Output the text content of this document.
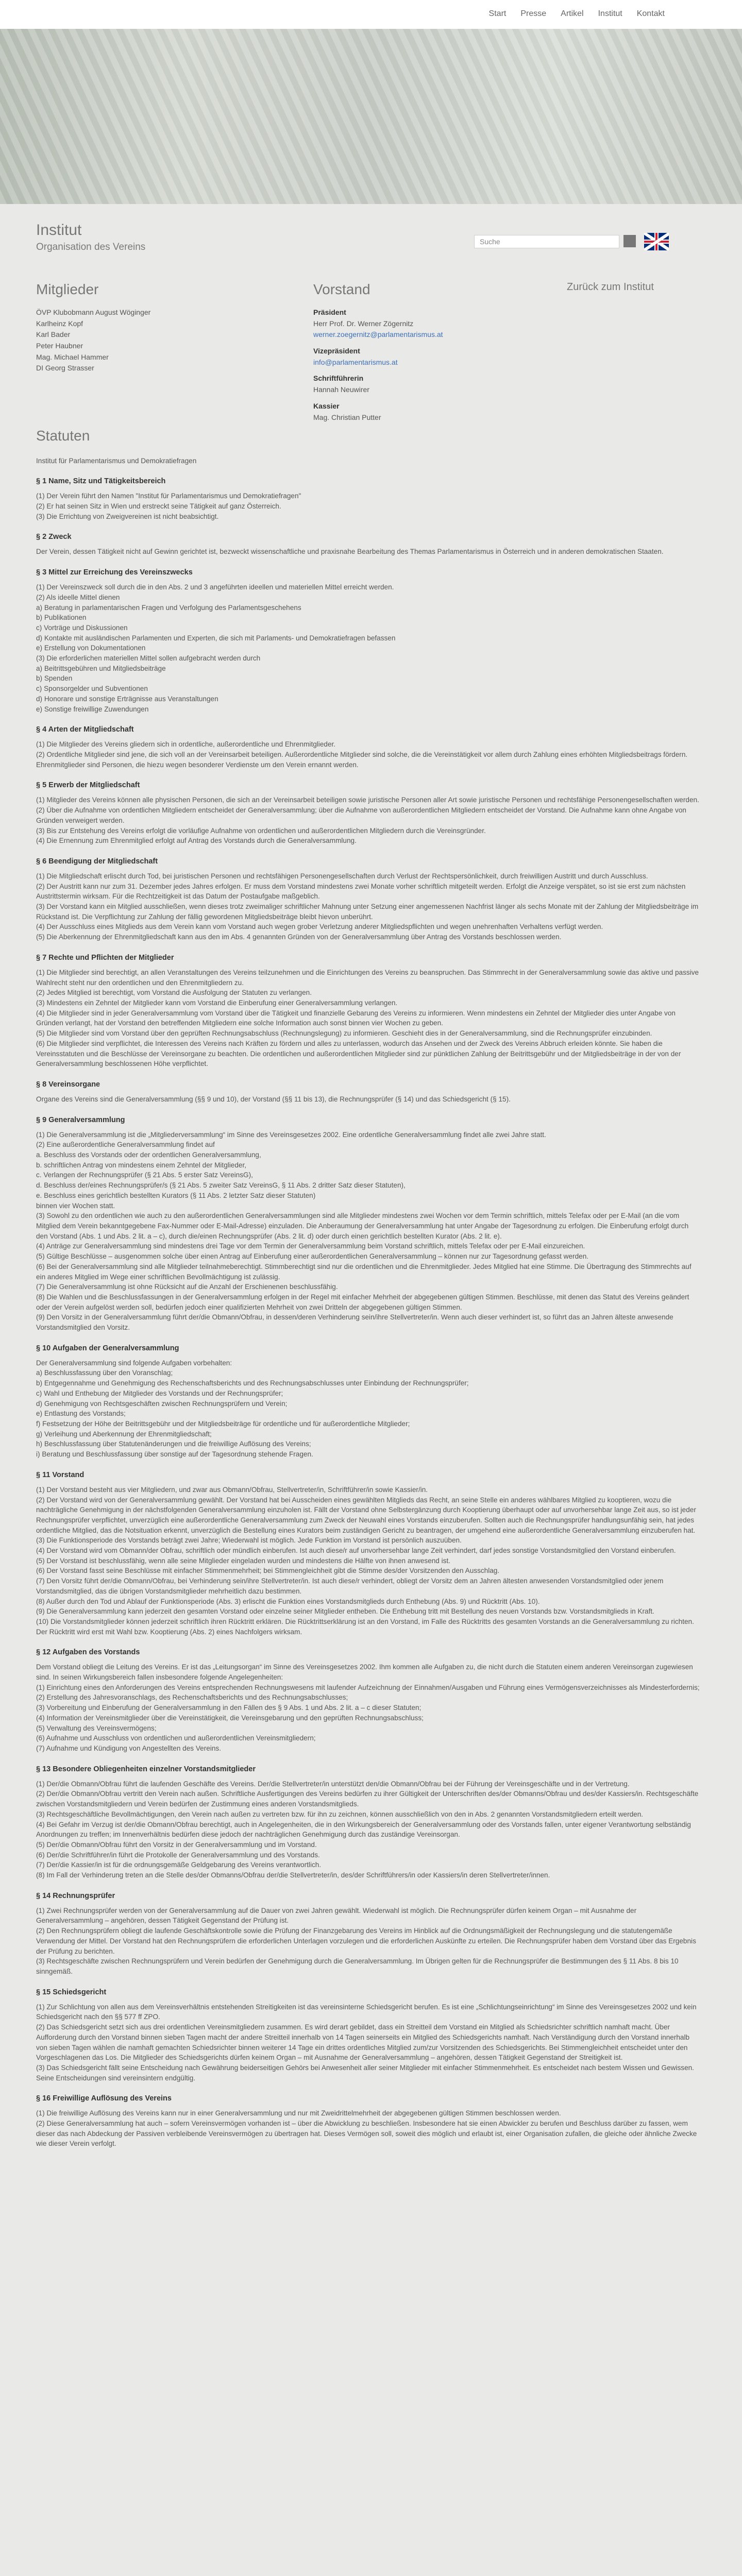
Start Presse Artikel Institut Kontakt
Institut
Organisation des Vereins	Suche
Mitglieder
ÖVP Klubobmann August Wöginger
Karlheinz Kopf
Karl Bader
Peter Haubner
Mag. Michael Hammer
DI Georg Strasser
Vorstand
Präsident
Herr Prof. Dr. Werner Zögernitz
werner.zoegernitz@parlamentarismus.at
Vizepräsident
info@parlamentarismus.at
Schriftführerin
Hannah Neuwirer
Kassier
Mag. Christian Putter
Zurück zum Institut
Statuten

Institut für Parlamentarismus und Demokratiefragen

§ 1 Name, Sitz und Tätigkeitsbereich

(1) Der Verein führt den Namen "Institut für Parlamentarismus und Demokratiefragen"
(2) Er hat seinen Sitz in Wien und erstreckt seine Tätigkeit auf ganz Österreich.
(3) Die Errichtung von Zweigvereinen ist nicht beabsichtigt.

§ 2 Zweck

Der Verein, dessen Tätigkeit nicht auf Gewinn gerichtet ist, bezweckt wissenschaftliche und praxisnahe Bearbeitung des Themas Parlamentarismus in Österreich und in anderen demokratischen Staaten.

§ 3 Mittel zur Erreichung des Vereinszwecks

(1) Der Vereinszweck soll durch die in den Abs. 2 und 3 angeführten ideellen und materiellen Mittel erreicht werden.
(2) Als ideelle Mittel dienen
a) Beratung in parlamentarischen Fragen und Verfolgung des Parlamentsgeschehens
b) Publikationen
c) Vorträge und Diskussionen
d) Kontakte mit ausländischen Parlamenten und Experten, die sich mit Parlaments- und Demokratiefragen befassen
e) Erstellung von Dokumentationen
(3) Die erforderlichen materiellen Mittel sollen aufgebracht werden durch
a) Beitrittsgebühren und Mitgliedsbeiträge
b) Spenden
c) Sponsorgelder und Subventionen
d) Honorare und sonstige Erträgnisse aus Veranstaltungen
e) Sonstige freiwillige Zuwendungen

§ 4 Arten der Mitgliedschaft

(1) Die Mitglieder des Vereins gliedern sich in ordentliche, außerordentliche und Ehrenmitglieder.
(2) Ordentliche Mitglieder sind jene, die sich voll an der Vereinsarbeit beteiligen. Außerordentliche Mitglieder sind solche, die die Vereinstätigkeit vor allem durch Zahlung eines erhöhten Mitgliedsbeitrags fördern. Ehrenmitglieder sind Personen, die hiezu wegen besonderer Verdienste um den Verein ernannt werden.

§ 5 Erwerb der Mitgliedschaft

(1) Mitglieder des Vereins können alle physischen Personen, die sich an der Vereinsarbeit beteiligen sowie juristische Personen aller Art sowie juristische Personen und rechtsfähige Personengesellschaften werden.
(2) Über die Aufnahme von ordentlichen Mitgliedern entscheidet der Generalversammlung; über die Aufnahme von außerordentlichen Mitgliedern entscheidet der Vorstand. Die Aufnahme kann ohne Angabe von Gründen verweigert werden.
(3) Bis zur Entstehung des Vereins erfolgt die vorläufige Aufnahme von ordentlichen und außerordentlichen Mitgliedern durch die Vereinsgründer.
(4) Die Ernennung zum Ehrenmitglied erfolgt auf Antrag des Vorstands durch die Generalversammlung.

§ 6 Beendigung der Mitgliedschaft

(1) Die Mitgliedschaft erlischt durch Tod, bei juristischen Personen und rechtsfähigen Personengesellschaften durch Verlust der Rechtspersönlichkeit, durch freiwilligen Austritt und durch Ausschluss.
(2) Der Austritt kann nur zum 31. Dezember jedes Jahres erfolgen. Er muss dem Vorstand mindestens zwei Monate vorher schriftlich mitgeteilt werden. Erfolgt die Anzeige verspätet, so ist sie erst zum nächsten Austrittstermin wirksam. Für die Rechtzeitigkeit ist das Datum der Postaufgabe maßgeblich.
(3) Der Vorstand kann ein Mitglied ausschließen, wenn dieses trotz zweimaliger schriftlicher Mahnung unter Setzung einer angemessenen Nachfrist länger als sechs Monate mit der Zahlung der Mitgliedsbeiträge im Rückstand ist. Die Verpflichtung zur Zahlung der fällig gewordenen Mitgliedsbeiträge bleibt hievon unberührt.
(4) Der Ausschluss eines Mitglieds aus dem Verein kann vom Vorstand auch wegen grober Verletzung anderer Mitgliedspflichten und wegen unehrenhaften Verhaltens verfügt werden.
(5) Die Aberkennung der Ehrenmitgliedschaft kann aus den im Abs. 4 genannten Gründen von der Generalversammlung über Antrag des Vorstands beschlossen werden.

§ 7 Rechte und Pflichten der Mitglieder

(1) Die Mitglieder sind berechtigt, an allen Veranstaltungen des Vereins teilzunehmen und die Einrichtungen des Vereins zu beanspruchen. Das Stimmrecht in der Generalversammlung sowie das aktive und passive Wahlrecht steht nur den ordentlichen und den Ehrenmitgliedern zu.
(2) Jedes Mitglied ist berechtigt, vom Vorstand die Ausfolgung der Statuten zu verlangen.
(3) Mindestens ein Zehntel der Mitglieder kann vom Vorstand die Einberufung einer Generalversammlung verlangen.
(4) Die Mitglieder sind in jeder Generalversammlung vom Vorstand über die Tätigkeit und finanzielle Gebarung des Vereins zu informieren. Wenn mindestens ein Zehntel der Mitglieder dies unter Angabe von Gründen verlangt, hat der Vorstand den betreffenden Mitgliedern eine solche Information auch sonst binnen vier Wochen zu geben.
(5) Die Mitglieder sind vom Vorstand über den geprüften Rechnungsabschluss (Rechnungslegung) zu informieren. Geschieht dies in der Generalversammlung, sind die Rechnungsprüfer einzubinden.
(6) Die Mitglieder sind verpflichtet, die Interessen des Vereins nach Kräften zu fördern und alles zu unterlassen, wodurch das Ansehen und der Zweck des Vereins Abbruch erleiden könnte. Sie haben die Vereinsstatuten und die Beschlüsse der Vereinsorgane zu beachten. Die ordentlichen und außerordentlichen Mitglieder sind zur pünktlichen Zahlung der Beitrittsgebühr und der Mitgliedsbeiträge in der von der Generalversammlung beschlossenen Höhe verpflichtet.

§ 8 Vereinsorgane

Organe des Vereins sind die Generalversammlung (§§ 9 und 10), der Vorstand (§§ 11 bis 13), die Rechnungsprüfer (§ 14) und das Schiedsgericht (§ 15).

§ 9 Generalversammlung

(1) Die Generalversammlung ist die „Mitgliederversammlung“ im Sinne des Vereinsgesetzes 2002. Eine ordentliche Generalversammlung findet alle zwei Jahre statt.
(2) Eine außerordentliche Generalversammlung findet auf
a. Beschluss des Vorstands oder der ordentlichen Generalversammlung,
b. schriftlichen Antrag von mindestens einem Zehntel der Mitglieder,
c. Verlangen der Rechnungsprüfer (§ 21 Abs. 5 erster Satz VereinsG),
d. Beschluss der/eines Rechnungsprüfer/s (§ 21 Abs. 5 zweiter Satz VereinsG, § 11 Abs. 2 dritter Satz dieser Statuten),
e. Beschluss eines gerichtlich bestellten Kurators (§ 11 Abs. 2 letzter Satz dieser Statuten)
binnen vier Wochen statt.
(3) Sowohl zu den ordentlichen wie auch zu den außerordentlichen Generalversammlungen sind alle Mitglieder mindestens zwei Wochen vor dem Termin schriftlich, mittels Telefax oder per E-Mail (an die vom Mitglied dem Verein bekanntgegebene Fax-Nummer oder E-Mail-Adresse) einzuladen. Die Anberaumung der Generalversammlung hat unter Angabe der Tagesordnung zu erfolgen. Die Einberufung erfolgt durch den Vorstand (Abs. 1 und Abs. 2 lit. a – c), durch die/einen Rechnungsprüfer (Abs. 2 lit. d) oder durch einen gerichtlich bestellten Kurator (Abs. 2 lit. e).
(4) Anträge zur Generalversammlung sind mindestens drei Tage vor dem Termin der Generalversammlung beim Vorstand schriftlich, mittels Telefax oder per E-Mail einzureichen.
(5) Gültige Beschlüsse – ausgenommen solche über einen Antrag auf Einberufung einer außerordentlichen Generalversammlung – können nur zur Tagesordnung gefasst werden.
(6) Bei der Generalversammlung sind alle Mitglieder teilnahmeberechtigt. Stimmberechtigt sind nur die ordentlichen und die Ehrenmitglieder. Jedes Mitglied hat eine Stimme. Die Übertragung des Stimmrechts auf ein anderes Mitglied im Wege einer schriftlichen Bevollmächtigung ist zulässig.
(7) Die Generalversammlung ist ohne Rücksicht auf die Anzahl der Erschienenen beschlussfähig.
(8) Die Wahlen und die Beschlussfassungen in der Generalversammlung erfolgen in der Regel mit einfacher Mehrheit der abgegebenen gültigen Stimmen. Beschlüsse, mit denen das Statut des Vereins geändert oder der Verein aufgelöst werden soll, bedürfen jedoch einer qualifizierten Mehrheit von zwei Dritteln der abgegebenen gültigen Stimmen.
(9) Den Vorsitz in der Generalversammlung führt der/die Obmann/Obfrau, in dessen/deren Verhinderung sein/ihre Stellvertreter/in. Wenn auch dieser verhindert ist, so führt das an Jahren älteste anwesende Vorstandsmitglied den Vorsitz.

§ 10 Aufgaben der Generalversammlung

Der Generalversammlung sind folgende Aufgaben vorbehalten:
a) Beschlussfassung über den Voranschlag;
b) Entgegennahme und Genehmigung des Rechenschaftsberichts und des Rechnungsabschlusses unter Einbindung der Rechnungsprüfer;
c) Wahl und Enthebung der Mitglieder des Vorstands und der Rechnungsprüfer;
d) Genehmigung von Rechtsgeschäften zwischen Rechnungsprüfern und Verein;
e) Entlastung des Vorstands;
f) Festsetzung der Höhe der Beitrittsgebühr und der Mitgliedsbeiträge für ordentliche und für außerordentliche Mitglieder;
g) Verleihung und Aberkennung der Ehrenmitgliedschaft;
h) Beschlussfassung über Statutenänderungen und die freiwillige Auflösung des Vereins;
i) Beratung und Beschlussfassung über sonstige auf der Tagesordnung stehende Fragen.

§ 11 Vorstand

(1) Der Vorstand besteht aus vier Mitgliedern, und zwar aus Obmann/Obfrau, Stellvertreter/in, Schriftführer/in sowie Kassier/in.
(2) Der Vorstand wird von der Generalversammlung gewählt. Der Vorstand hat bei Ausscheiden eines gewählten Mitglieds das Recht, an seine Stelle ein anderes wählbares Mitglied zu kooptieren, wozu die nachträgliche Genehmigung in der nächstfolgenden Generalversammlung einzuholen ist. Fällt der Vorstand ohne Selbstergänzung durch Kooptierung überhaupt oder auf unvorhersehbar lange Zeit aus, so ist jeder Rechnungsprüfer verpflichtet, unverzüglich eine außerordentliche Generalversammlung zum Zweck der Neuwahl eines Vorstands einzuberufen. Sollten auch die Rechnungsprüfer handlungsunfähig sein, hat jedes ordentliche Mitglied, das die Notsituation erkennt, unverzüglich die Bestellung eines Kurators beim zuständigen Gericht zu beantragen, der umgehend eine außerordentliche Generalversammlung einzuberufen hat.
(3) Die Funktionsperiode des Vorstands beträgt zwei Jahre; Wiederwahl ist möglich. Jede Funktion im Vorstand ist persönlich auszuüben.
(4) Der Vorstand wird vom Obmann/der Obfrau, schriftlich oder mündlich einberufen. Ist auch diese/r auf unvorhersehbar lange Zeit verhindert, darf jedes sonstige Vorstandsmitglied den Vorstand einberufen.
(5) Der Vorstand ist beschlussfähig, wenn alle seine Mitglieder eingeladen wurden und mindestens die Hälfte von ihnen anwesend ist.
(6) Der Vorstand fasst seine Beschlüsse mit einfacher Stimmenmehrheit; bei Stimmengleichheit gibt die Stimme des/der Vorsitzenden den Ausschlag.
(7) Den Vorsitz führt der/die Obmann/Obfrau, bei Verhinderung sein/ihre Stellvertreter/in. Ist auch diese/r verhindert, obliegt der Vorsitz dem an Jahren ältesten anwesenden Vorstandsmitglied oder jenem Vorstandsmitglied, das die übrigen Vorstandsmitglieder mehrheitlich dazu bestimmen.
(8) Außer durch den Tod und Ablauf der Funktionsperiode (Abs. 3) erlischt die Funktion eines Vorstandsmitglieds durch Enthebung (Abs. 9) und Rücktritt (Abs. 10).
(9) Die Generalversammlung kann jederzeit den gesamten Vorstand oder einzelne seiner Mitglieder entheben. Die Enthebung tritt mit Bestellung des neuen Vorstands bzw. Vorstandsmitglieds in Kraft.
(10) Die Vorstandsmitglieder können jederzeit schriftlich ihren Rücktritt erklären. Die Rücktrittserklärung ist an den Vorstand, im Falle des Rücktritts des gesamten Vorstands an die Generalversammlung zu richten. Der Rücktritt wird erst mit Wahl bzw. Kooptierung (Abs. 2) eines Nachfolgers wirksam.

§ 12 Aufgaben des Vorstands

Dem Vorstand obliegt die Leitung des Vereins. Er ist das „Leitungsorgan“ im Sinne des Vereinsgesetzes 2002. Ihm kommen alle Aufgaben zu, die nicht durch die Statuten einem anderen Vereinsorgan zugewiesen sind. In seinen Wirkungsbereich fallen insbesondere folgende Angelegenheiten:
(1) Einrichtung eines den Anforderungen des Vereins entsprechenden Rechnungswesens mit laufender Aufzeichnung der Einnahmen/Ausgaben und Führung eines Vermögensverzeichnisses als Mindesterfordernis;
(2) Erstellung des Jahresvoranschlags, des Rechenschaftsberichts und des Rechnungsabschlusses;
(3) Vorbereitung und Einberufung der Generalversammlung in den Fällen des § 9 Abs. 1 und Abs. 2 lit. a – c dieser Statuten;
(4) Information der Vereinsmitglieder über die Vereinstätigkeit, die Vereinsgebarung und den geprüften Rechnungsabschluss;
(5) Verwaltung des Vereinsvermögens;
(6) Aufnahme und Ausschluss von ordentlichen und außerordentlichen Vereinsmitgliedern;
(7) Aufnahme und Kündigung von Angestellten des Vereins.

§ 13 Besondere Obliegenheiten einzelner Vorstandsmitglieder

(1) Der/die Obmann/Obfrau führt die laufenden Geschäfte des Vereins. Der/die Stellvertreter/in unterstützt den/die Obmann/Obfrau bei der Führung der Vereinsgeschäfte und in der Vertretung.
(2) Der/die Obmann/Obfrau vertritt den Verein nach außen. Schriftliche Ausfertigungen des Vereins bedürfen zu ihrer Gültigkeit der Unterschriften des/der Obmanns/Obfrau und des/der Kassiers/in. Rechtsgeschäfte zwischen Vorstandsmitgliedern und Verein bedürfen der Zustimmung eines anderen Vorstandsmitglieds.
(3) Rechtsgeschäftliche Bevollmächtigungen, den Verein nach außen zu vertreten bzw. für ihn zu zeichnen, können ausschließlich von den in Abs. 2 genannten Vorstandsmitgliedern erteilt werden.
(4) Bei Gefahr im Verzug ist der/die Obmann/Obfrau berechtigt, auch in Angelegenheiten, die in den Wirkungsbereich der Generalversammlung oder des Vorstands fallen, unter eigener Verantwortung selbständig Anordnungen zu treffen; im Innenverhältnis bedürfen diese jedoch der nachträglichen Genehmigung durch das zuständige Vereinsorgan.
(5) Der/die Obmann/Obfrau führt den Vorsitz in der Generalversammlung und im Vorstand.
(6) Der/die Schriftführer/in führt die Protokolle der Generalversammlung und des Vorstands.
(7) Der/die Kassier/in ist für die ordnungsgemäße Geldgebarung des Vereins verantwortlich.
(8) Im Fall der Verhinderung treten an die Stelle des/der Obmanns/Obfrau der/die Stellvertreter/in, des/der Schriftführers/in oder Kassiers/in deren Stellvertreter/innen.

§ 14 Rechnungsprüfer

(1) Zwei Rechnungsprüfer werden von der Generalversammlung auf die Dauer von zwei Jahren gewählt. Wiederwahl ist möglich. Die Rechnungsprüfer dürfen keinem Organ – mit Ausnahme der Generalversammlung – angehören, dessen Tätigkeit Gegenstand der Prüfung ist.
(2) Den Rechnungsprüfern obliegt die laufende Geschäftskontrolle sowie die Prüfung der Finanzgebarung des Vereins im Hinblick auf die Ordnungsmäßigkeit der Rechnungslegung und die statutengemäße Verwendung der Mittel. Der Vorstand hat den Rechnungsprüfern die erforderlichen Unterlagen vorzulegen und die erforderlichen Auskünfte zu erteilen. Die Rechnungsprüfer haben dem Vorstand über das Ergebnis der Prüfung zu berichten.
(3) Rechtsgeschäfte zwischen Rechnungsprüfern und Verein bedürfen der Genehmigung durch die Generalversammlung. Im Übrigen gelten für die Rechnungsprüfer die Bestimmungen des § 11 Abs. 8 bis 10 sinngemäß.

§ 15 Schiedsgericht

(1) Zur Schlichtung von allen aus dem Vereinsverhältnis entstehenden Streitigkeiten ist das vereinsinterne Schiedsgericht berufen. Es ist eine „Schlichtungseinrichtung“ im Sinne des Vereinsgesetzes 2002 und kein Schiedsgericht nach den §§ 577 ff ZPO.
(2) Das Schiedsgericht setzt sich aus drei ordentlichen Vereinsmitgliedern zusammen. Es wird derart gebildet, dass ein Streitteil dem Vorstand ein Mitglied als Schiedsrichter schriftlich namhaft macht. Über Aufforderung durch den Vorstand binnen sieben Tagen macht der andere Streitteil innerhalb von 14 Tagen seinerseits ein Mitglied des Schiedsgerichts namhaft. Nach Verständigung durch den Vorstand innerhalb von sieben Tagen wählen die namhaft gemachten Schiedsrichter binnen weiterer 14 Tage ein drittes ordentliches Mitglied zum/zur Vorsitzenden des Schiedsgerichts. Bei Stimmengleichheit entscheidet unter den Vorgeschlagenen das Los. Die Mitglieder des Schiedsgerichts dürfen keinem Organ – mit Ausnahme der Generalversammlung – angehören, dessen Tätigkeit Gegenstand der Streitigkeit ist.
(3) Das Schiedsgericht fällt seine Entscheidung nach Gewährung beiderseitigen Gehörs bei Anwesenheit aller seiner Mitglieder mit einfacher Stimmenmehrheit. Es entscheidet nach bestem Wissen und Gewissen. Seine Entscheidungen sind vereinsintern endgültig.

§ 16 Freiwillige Auflösung des Vereins

(1) Die freiwillige Auflösung des Vereins kann nur in einer Generalversammlung und nur mit Zweidrittelmehrheit der abgegebenen gültigen Stimmen beschlossen werden.
(2) Diese Generalversammlung hat auch – sofern Vereinsvermögen vorhanden ist – über die Abwicklung zu beschließen. Insbesondere hat sie einen Abwickler zu berufen und Beschluss darüber zu fassen, wem dieser das nach Abdeckung der Passiven verbleibende Vereinsvermögen zu übertragen hat. Dieses Vermögen soll, soweit dies möglich und erlaubt ist, einer Organisation zufallen, die gleiche oder ähnliche Zwecke wie dieser Verein verfolgt.
